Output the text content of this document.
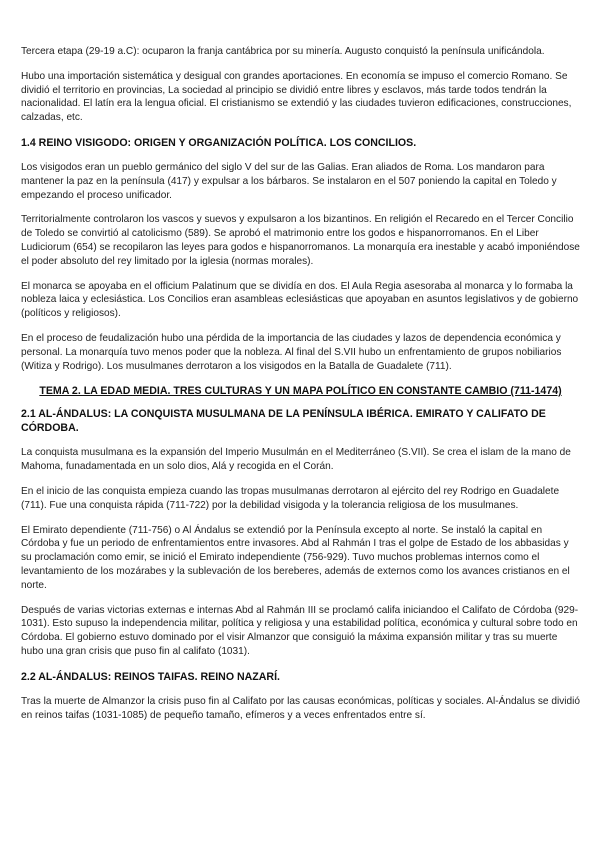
Tercera etapa (29-19 a.C): ocuparon la franja cantábrica por su minería. Augusto conquistó la península unificándola.

Hubo una importación sistemática y desigual con grandes aportaciones. En economía se impuso el comercio Romano. Se dividió el territorio en provincias, La sociedad al principio se dividió entre libres y esclavos, más tarde todos tendrán la nacionalidad. El latín era la lengua oficial. El cristianismo se extendió y las ciudades tuvieron edificaciones, construcciones, calzadas, etc.

1.4 REINO VISIGODO: ORIGEN Y ORGANIZACIÓN POLÍTICA. LOS CONCILIOS.

Los visigodos eran un pueblo germánico del siglo V del sur de las Galias. Eran aliados de Roma. Los mandaron para mantener la paz en la península (417) y expulsar a los bárbaros. Se instalaron en el 507 poniendo la capital en Toledo y empezando el proceso unificador.

Territorialmente controlaron los vascos y suevos y expulsaron a los bizantinos. En religión el Recaredo en el Tercer Concilio de Toledo se convirtió al catolicismo (589). Se aprobó el matrimonio entre los godos e hispanorromanos. En el Liber Ludiciorum (654) se recopilaron las leyes para godos e hispanorromanos. La monarquía era inestable y acabó imponiéndose el poder absoluto del rey limitado por la iglesia (normas morales).

El monarca se apoyaba en el officium Palatinum que se dividía en dos. El Aula Regia asesoraba al monarca y lo formaba la nobleza laica y eclesiástica. Los Concilios eran asambleas eclesiásticas que apoyaban en asuntos legislativos y de gobierno (políticos y religiosos).

En el proceso de feudalización hubo una pérdida de la importancia de las ciudades y lazos de dependencia económica y personal. La monarquía tuvo menos poder que la nobleza. Al final del S.VII hubo un enfrentamiento de grupos nobiliarios (Witiza y Rodrigo). Los musulmanes derrotaron a los visigodos en la Batalla de Guadalete (711).

TEMA 2. LA EDAD MEDIA. TRES CULTURAS Y UN MAPA POLÍTICO EN CONSTANTE CAMBIO (711-1474)
2.1 AL-ÁNDALUS: LA CONQUISTA MUSULMANA DE LA PENÍNSULA IBÉRICA. EMIRATO Y CALIFATO DE CÓRDOBA.

La conquista musulmana es la expansión del Imperio Musulmán en el Mediterráneo (S.VII). Se crea el islam de la mano de Mahoma, funadamentada en un solo dios, Alá y recogida en el Corán.

En el inicio de las conquista empieza cuando las tropas musulmanas derrotaron al ejército del rey Rodrigo en Guadalete (711). Fue una conquista rápida (711-722) por la debilidad visigoda y la tolerancia religiosa de los musulmanes.

El Emirato dependiente (711-756) o Al Ándalus se extendió por la Península excepto al norte. Se instaló la capital en Córdoba y fue un periodo de enfrentamientos entre invasores. Abd al Rahmán I tras el golpe de Estado de los abbasidas y su proclamación como emir, se inició el Emirato independiente (756-929). Tuvo muchos problemas internos como el levantamiento de los mozárabes y la sublevación de los bereberes, además de externos como los avances cristianos en el norte.

Después de varias victorias externas e internas Abd al Rahmán III se proclamó califa iniciandoo el Califato de Córdoba (929-1031). Esto supuso la independencia militar, política y religiosa y una estabilidad política, económica y cultural sobre todo en Córdoba. El gobierno estuvo dominado por el visir Almanzor que consiguió la máxima expansión militar y tras su muerte hubo una gran crisis que puso fin al califato (1031).

2.2 AL-ÁNDALUS: REINOS TAIFAS. REINO NAZARÍ.

Tras la muerte de Almanzor la crisis puso fin al Califato por las causas económicas, políticas y sociales. Al-Ándalus se dividió en reinos taifas (1031-1085) de pequeño tamaño, efímeros y a veces enfrentados entre sí.
